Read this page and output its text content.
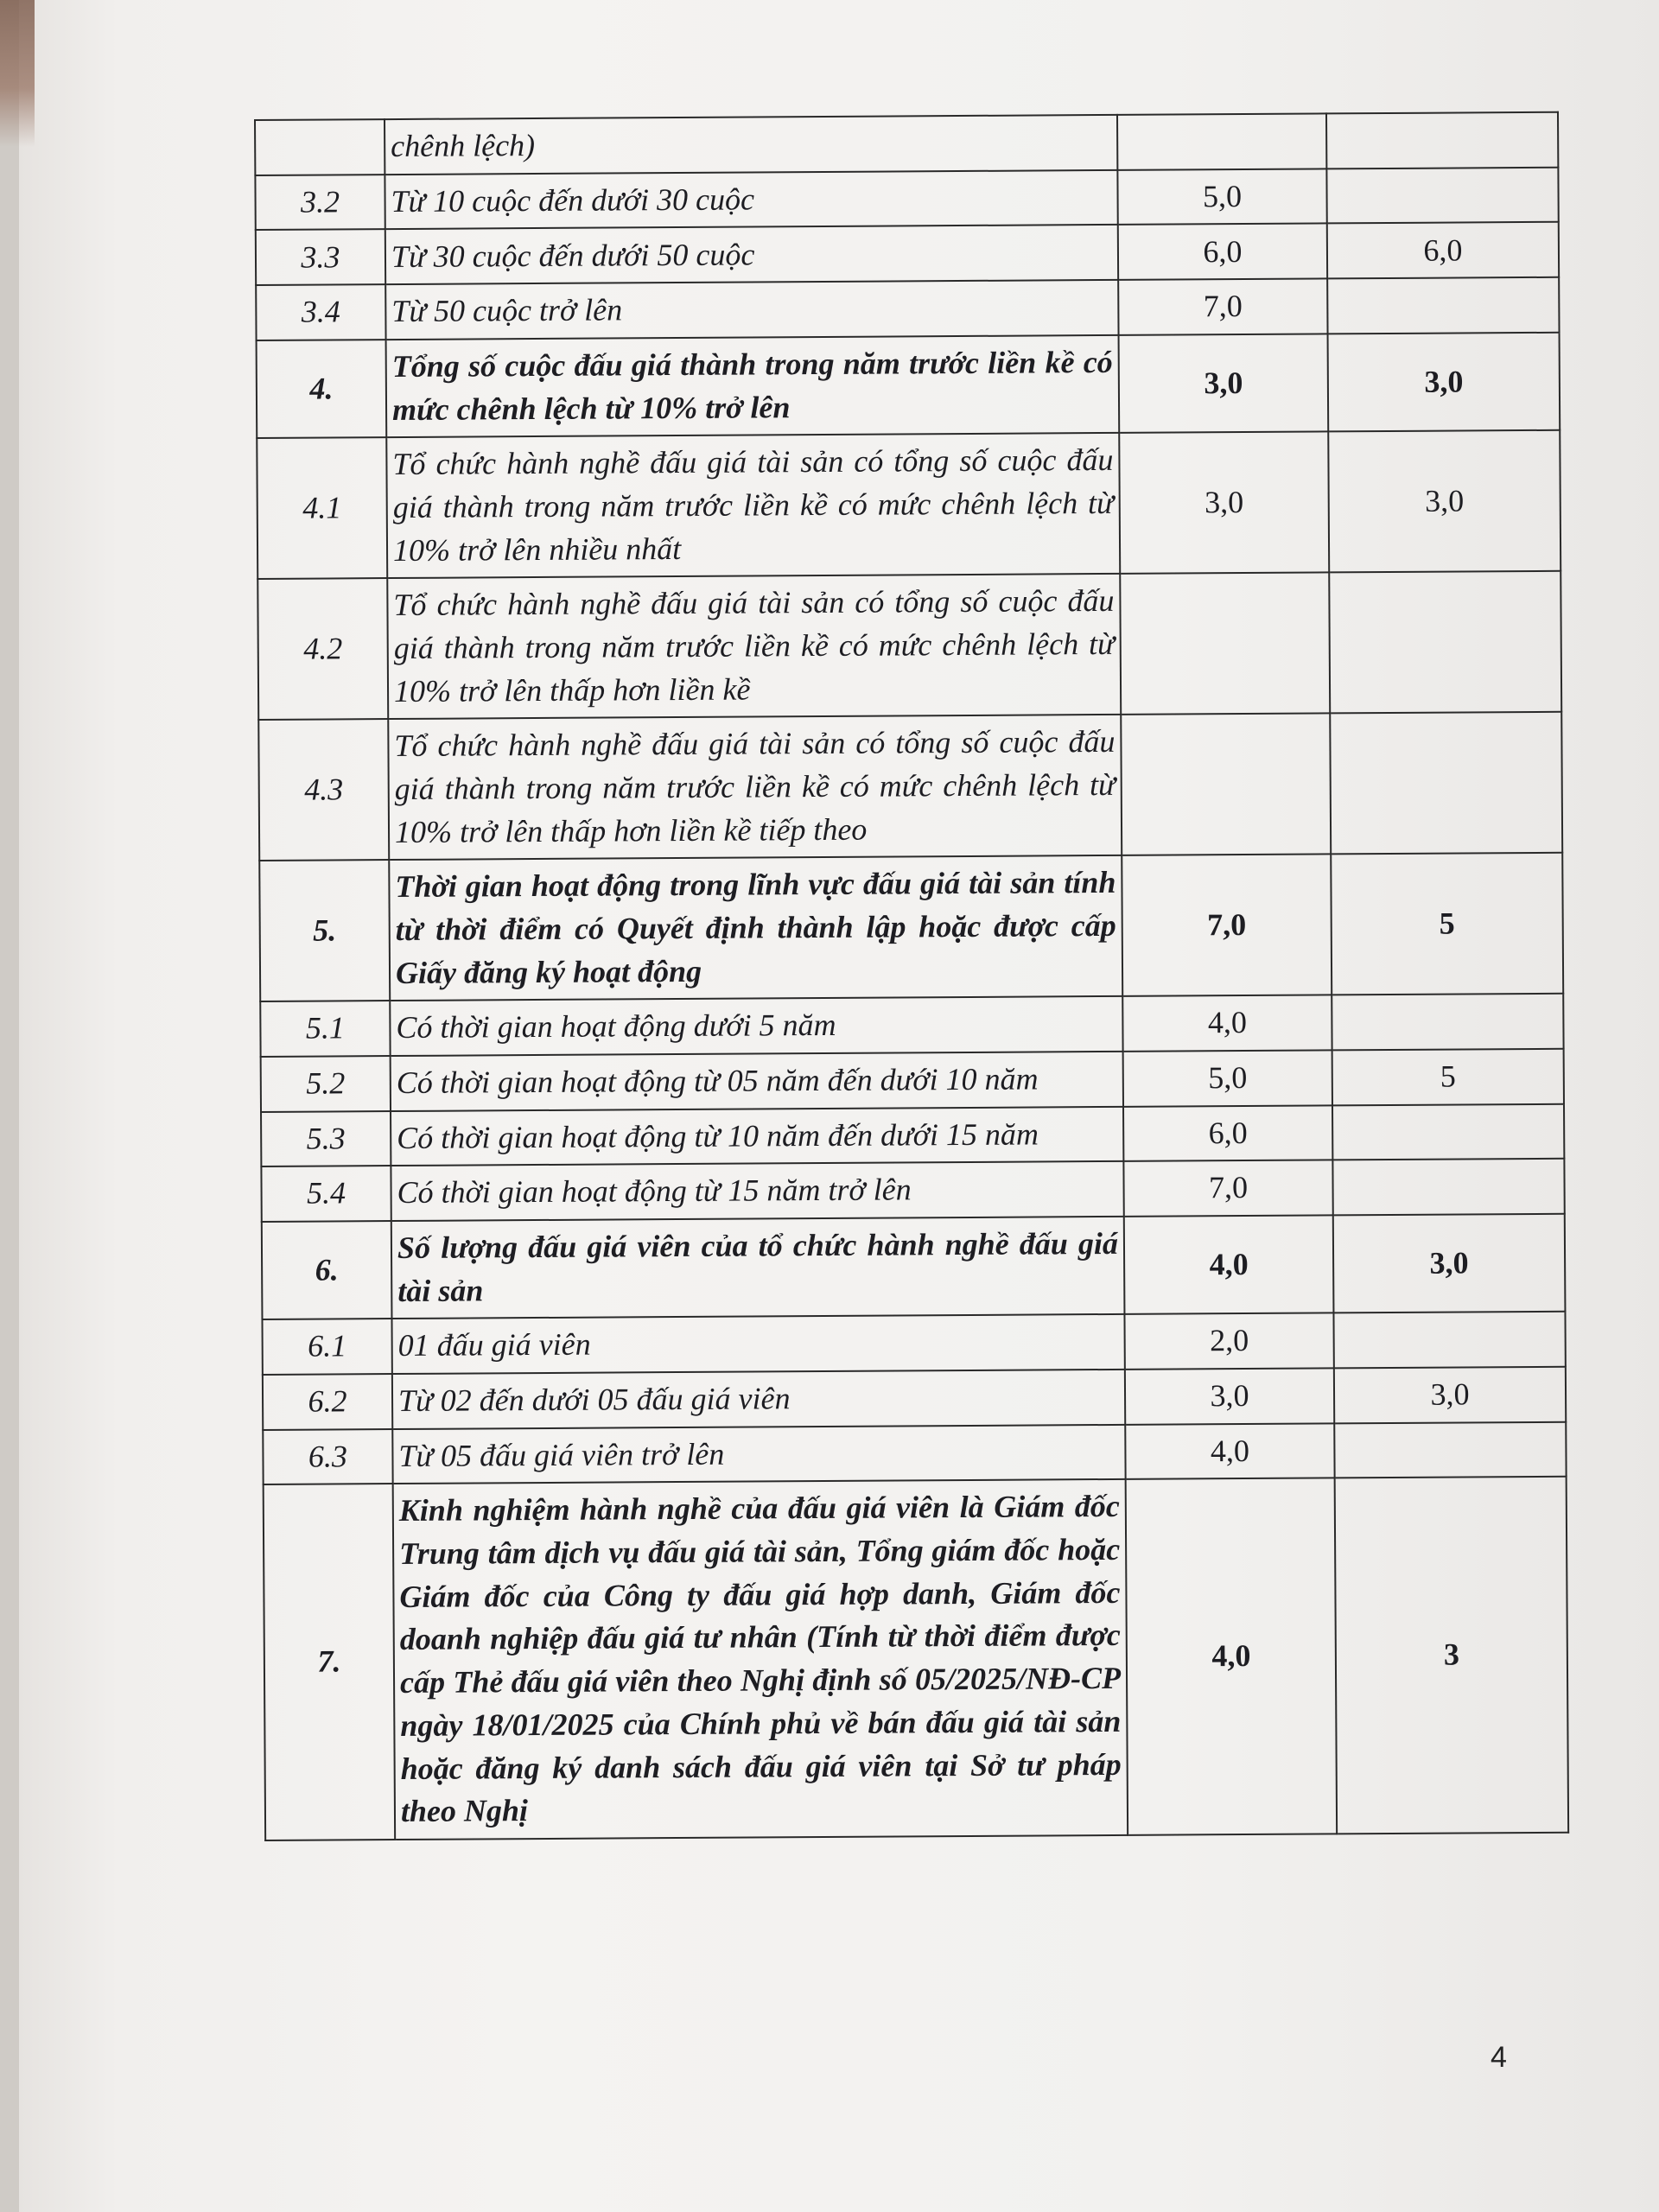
	chênh lệch)		
3.2	Từ 10 cuộc đến dưới 30 cuộc	5,0	
3.3	Từ 30 cuộc đến dưới 50 cuộc	6,0	6,0
3.4	Từ 50 cuộc trở lên	7,0	
4.	Tổng số cuộc đấu giá thành trong năm trước liền kề có mức chênh lệch từ 10% trở lên	3,0	3,0
4.1	Tổ chức hành nghề đấu giá tài sản có tổng số cuộc đấu giá thành trong năm trước liền kề có mức chênh lệch từ 10% trở lên nhiều nhất	3,0	3,0
4.2	Tổ chức hành nghề đấu giá tài sản có tổng số cuộc đấu giá thành trong năm trước liền kề có mức chênh lệch từ 10% trở lên thấp hơn liền kề		
4.3	Tổ chức hành nghề đấu giá tài sản có tổng số cuộc đấu giá thành trong năm trước liền kề có mức chênh lệch từ 10% trở lên thấp hơn liền kề tiếp theo		
5.	Thời gian hoạt động trong lĩnh vực đấu giá tài sản tính từ thời điểm có Quyết định thành lập hoặc được cấp Giấy đăng ký hoạt động	7,0	5
5.1	Có thời gian hoạt động dưới 5 năm	4,0	
5.2	Có thời gian hoạt động từ 05 năm đến dưới 10 năm	5,0	5
5.3	Có thời gian hoạt động từ 10 năm đến dưới 15 năm	6,0	
5.4	Có thời gian hoạt động từ 15 năm trở lên	7,0	
6.	Số lượng đấu giá viên của tổ chức hành nghề đấu giá tài sản	4,0	3,0
6.1	01 đấu giá viên	2,0	
6.2	Từ 02 đến dưới 05 đấu giá viên	3,0	3,0
6.3	Từ 05 đấu giá viên trở lên	4,0	
7.	Kinh nghiệm hành nghề của đấu giá viên là Giám đốc Trung tâm dịch vụ đấu giá tài sản, Tổng giám đốc hoặc Giám đốc của Công ty đấu giá hợp danh, Giám đốc doanh nghiệp đấu giá tư nhân (Tính từ thời điểm được cấp Thẻ đấu giá viên theo Nghị định số 05/2025/NĐ-CP ngày 18/01/2025 của Chính phủ về bán đấu giá tài sản hoặc đăng ký danh sách đấu giá viên tại Sở tư pháp theo Nghị	4,0	3
4
